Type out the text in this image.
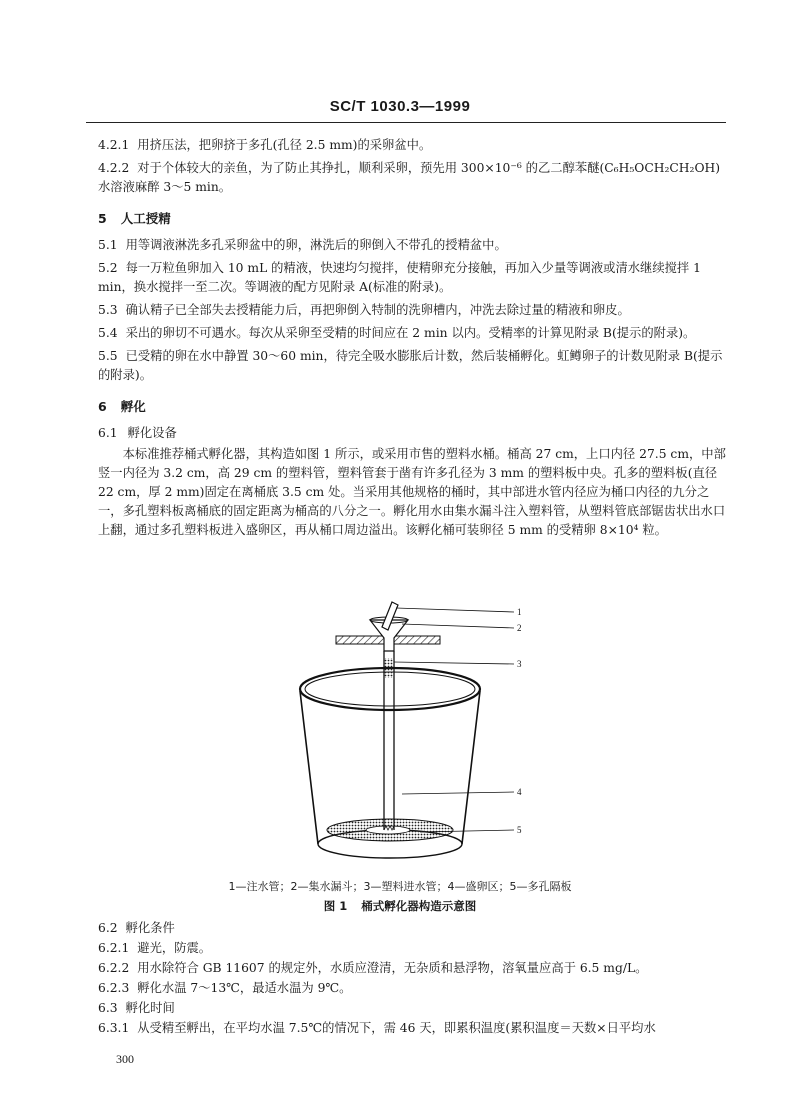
SC/T 1030.3—1999

4.2.1 用挤压法，把卵挤于多孔(孔径 2.5 mm)的采卵盆中。

4.2.2 对于个体较大的亲鱼，为了防止其挣扎，顺利采卵，预先用 300×10⁻⁶ 的乙二醇苯醚(C₆H₅OCH₂CH₂OH)水溶液麻醉 3～5 min。

5 人工授精

5.1 用等调液淋洗多孔采卵盆中的卵，淋洗后的卵倒入不带孔的授精盆中。

5.2 每一万粒鱼卵加入 10 mL 的精液，快速均匀搅拌，使精卵充分接触，再加入少量等调液或清水继续搅拌 1 min，换水搅拌一至二次。等调液的配方见附录 A(标准的附录)。

5.3 确认精子已全部失去授精能力后，再把卵倒入特制的洗卵槽内，冲洗去除过量的精液和卵皮。

5.4 采出的卵切不可遇水。每次从采卵至受精的时间应在 2 min 以内。受精率的计算见附录 B(提示的附录)。

5.5 已受精的卵在水中静置 30～60 min，待完全吸水膨胀后计数，然后装桶孵化。虹鳟卵子的计数见附录 B(提示的附录)。

6 孵化
6.1 孵化设备

本标准推荐桶式孵化器，其构造如图 1 所示，或采用市售的塑料水桶。桶高 27 cm，上口内径 27.5 cm，中部竖一内径为 3.2 cm，高 29 cm 的塑料管，塑料管套于凿有许多孔径为 3 mm 的塑料板中央。孔多的塑料板(直径 22 cm，厚 2 mm)固定在离桶底 3.5 cm 处。当采用其他规格的桶时，其中部进水管内径应为桶口内径的九分之一，多孔塑料板离桶底的固定距离为桶高的八分之一。孵化用水由集水漏斗注入塑料管，从塑料管底部锯齿状出水口上翻，通过多孔塑料板进入盛卵区，再从桶口周边溢出。该孵化桶可装卵径 5 mm 的受精卵 8×10⁴ 粒。

1
2
3
4
5
1—注水管；2—集水漏斗；3—塑料进水管；4—盛卵区；5—多孔隔板
图 1 桶式孵化器构造示意图
6.2 孵化条件
6.2.1 避光，防震。
6.2.2 用水除符合 GB 11607 的规定外，水质应澄清，无杂质和悬浮物，溶氧量应高于 6.5 mg/L。
6.2.3 孵化水温 7～13℃，最适水温为 9℃。
6.3 孵化时间
6.3.1 从受精至孵出，在平均水温 7.5℃的情况下，需 46 天，即累积温度(累积温度＝天数×日平均水
300
